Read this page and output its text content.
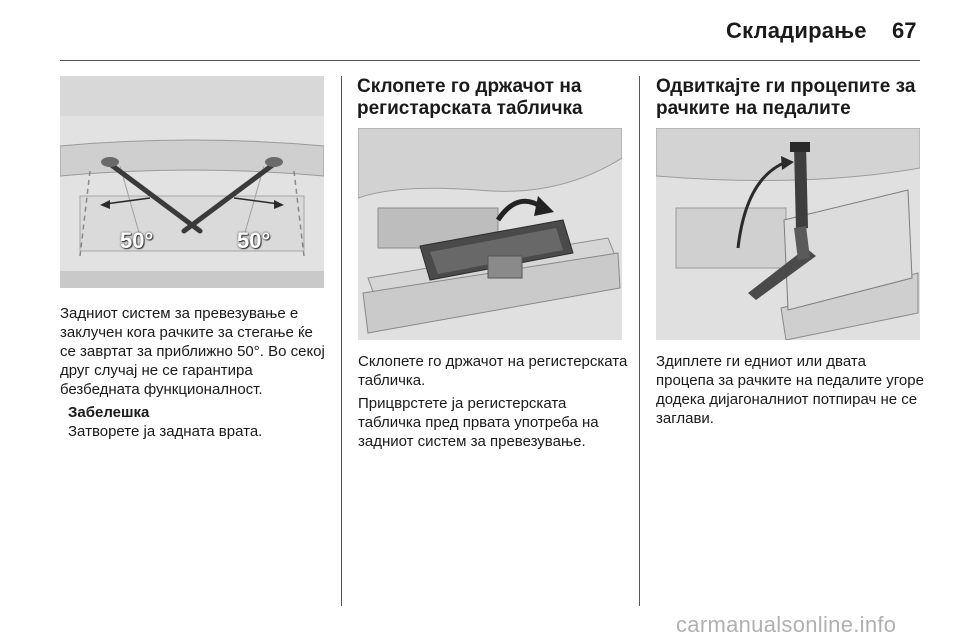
Складирање 67
50°	50°

Задниот систем за превезување е заклучен кога рачките за стегање ќе се завртат за приближно 50°. Во секој друг случај не се гарантира безбедната функционалност.

Забелешка
Затворете ја задната врата.
Склопете го држачот на регистарската табличка

Склопете го држачот на регистерската табличка.

Прицврстете ја регистерската табличка пред првата употреба на задниот систем за превезување.

Одвиткајте ги процепите за рачките на педалите

Здиплете ги едниот или двата процепа за рачките на педалите угоре додека дијагоналниот потпирач не се заглави.

carmanualsonline.info
